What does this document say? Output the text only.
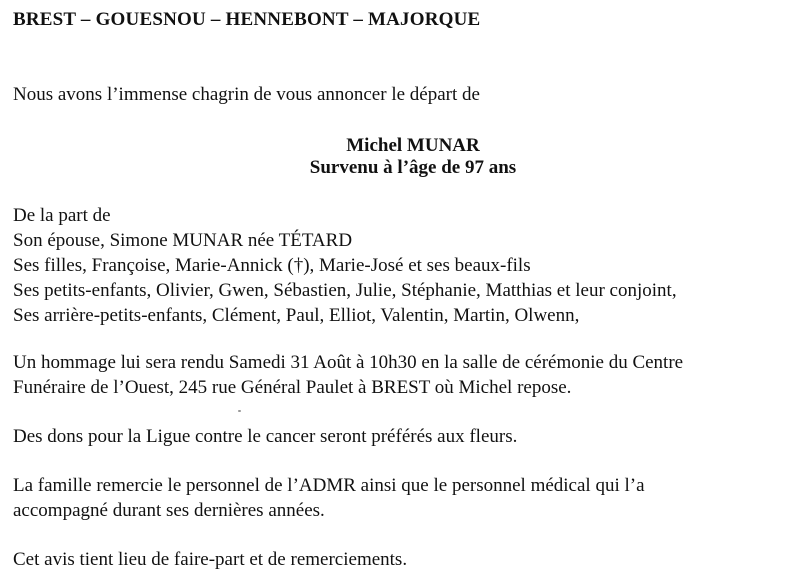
BREST – GOUESNOU – HENNEBONT – MAJORQUE
Nous avons l’immense chagrin de vous annoncer le départ de
Michel MUNAR
Survenu à l’âge de 97 ans
De la part de
Son épouse, Simone MUNAR née TÉTARD
Ses filles, Françoise, Marie-Annick (†), Marie-José et ses beaux-fils
Ses petits-enfants, Olivier, Gwen, Sébastien, Julie, Stéphanie, Matthias et leur conjoint,
Ses arrière-petits-enfants, Clément, Paul, Elliot, Valentin, Martin, Olwenn,
Un hommage lui sera rendu Samedi 31 Août à 10h30 en la salle de cérémonie du Centre
Funéraire de l’Ouest, 245 rue Général Paulet à BREST où Michel repose.
Des dons pour la Ligue contre le cancer seront préférés aux fleurs.
La famille remercie le personnel de l’ADMR ainsi que le personnel médical qui l’a
accompagné durant ses dernières années.
Cet avis tient lieu de faire-part et de remerciements.
